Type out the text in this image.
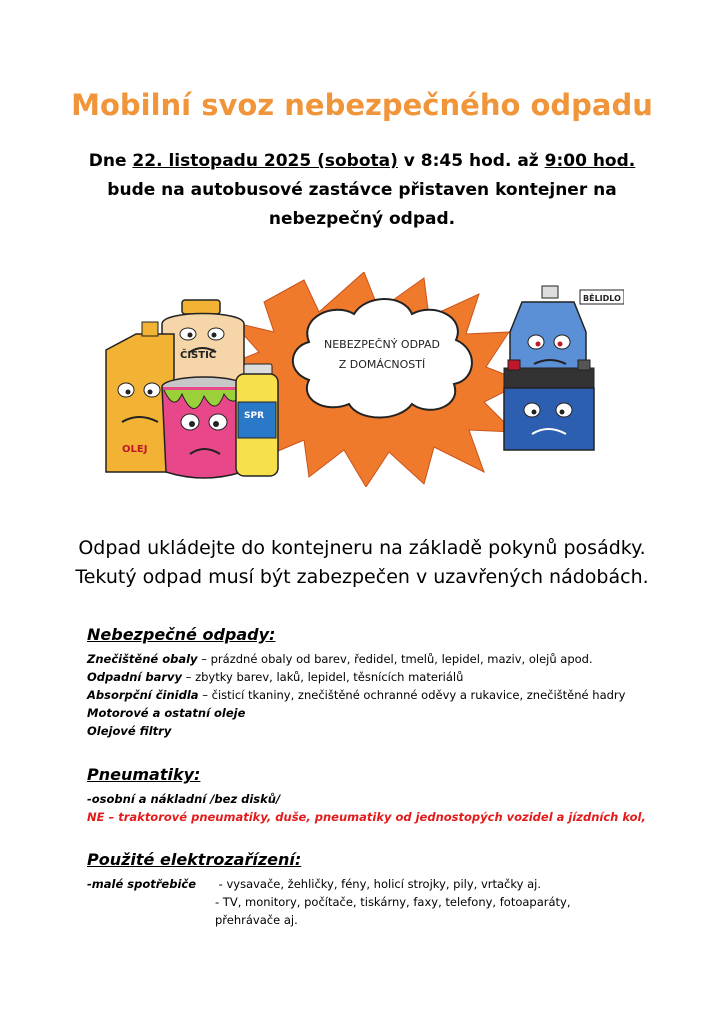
Mobilní svoz nebezpečného odpadu
Dne 22. listopadu 2025 (sobota) v 8:45 hod. až 9:00 hod.
bude na autobusové zastávce přistaven kontejner na
nebezpečný odpad.
NEBEZPEČNÝ ODPAD
Z DOMÁCNOSTÍ
ČISTIČ
OLEJ
SPR
BĚLIDLO
Odpad ukládejte do kontejneru na základě pokynů posádky.
Tekutý odpad musí být zabezpečen v uzavřených nádobách.
Nebezpečné odpady:
Znečištěné obaly – prázdné obaly od barev, ředidel, tmelů, lepidel, maziv, olejů apod.
Odpadní barvy – zbytky barev, laků, lepidel, těsnících materiálů
Absorpční činidla – čisticí tkaniny, znečištěné ochranné oděvy a rukavice, znečištěné hadry
Motorové a ostatní oleje
Olejové filtry
Pneumatiky:
-osobní a nákladní /bez disků/
NE – traktorové pneumatiky, duše, pneumatiky od jednostopých vozidel a jízdních kol,
Použité elektrozařízení:
-malé spotřebiče	- vysavače, žehličky, fény, holicí strojky, pily, vrtačky aj.
- TV, monitory, počítače, tiskárny, faxy, telefony, fotoaparáty,
přehrávače aj.
